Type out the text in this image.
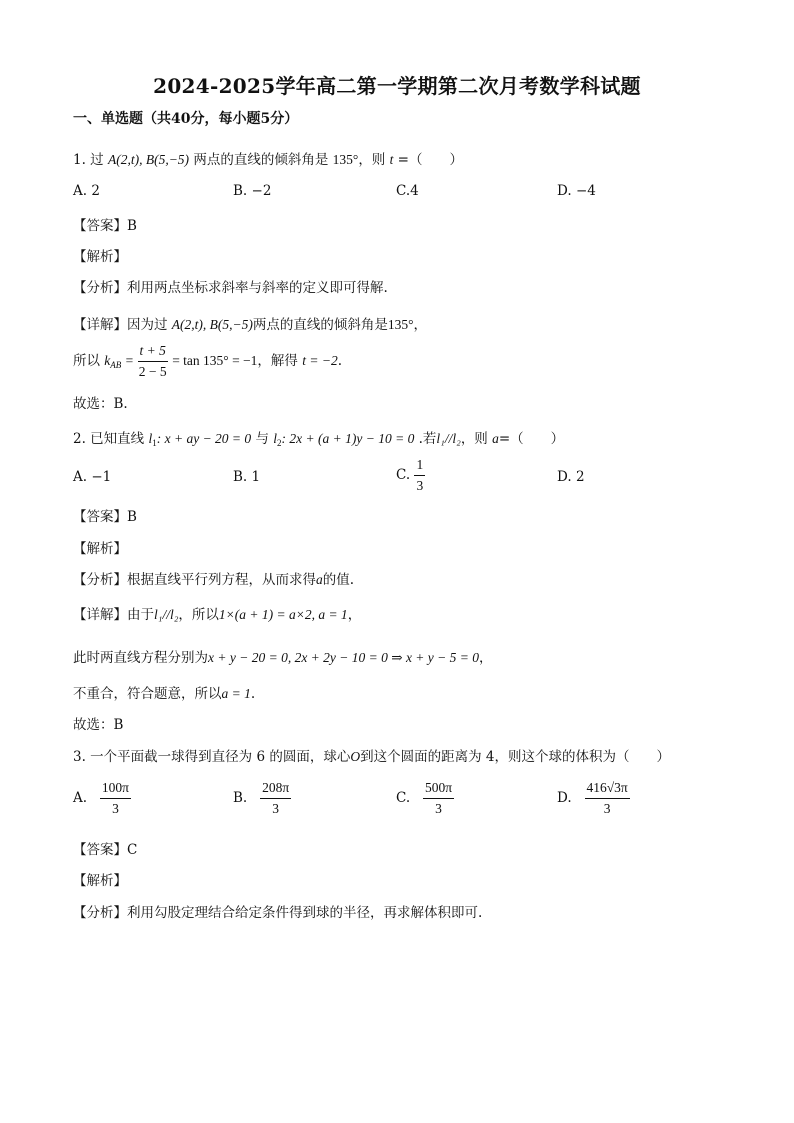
2024-2025学年高二第一学期第二次月考数学科试题
一、单选题（共40分，每小题5分）
1. 过 A(2,t), B(5,−5) 两点的直线的倾斜角是 135°，则 t =（　　）
A. 2	B. −2	C.4	D. −4
【答案】B
【解析】
【分析】利用两点坐标求斜率与斜率的定义即可得解.
【详解】因为过 A(2,t), B(5,−5)两点的直线的倾斜角是135°，
所以 $k_{AB} = \frac{t + 5}{2 - 5} = \tan 135^\circ = -1$，解得 t = −2.
故选：B.
2. 已知直线 $l_1$: x + ay − 20 = 0 与 $l_2$: 2x + (a + 1)y − 10 = 0 .若l₁//l₂，则 a=（　　）
A. −1	B. 1	C. $\frac{1}{3}$	D. 2
【答案】B
【解析】
【分析】根据直线平行列方程，从而求得a的值.
【详解】由于l₁//l₂，所以1×(a + 1) = a×2, a = 1，
此时两直线方程分别为x + y − 20 = 0, 2x + 2y − 10 = 0 ⇒ x + y − 5 = 0，
不重合，符合题意，所以a = 1.
故选：B
3. 一个平面截一球得到直径为 6 的圆面，球心O到这个圆面的距离为 4，则这个球的体积为（　　）
A. $\frac{100\pi}{3}$	B. $\frac{208\pi}{3}$	C. $\frac{500\pi}{3}$	D. $\frac{416√3\pi}{3}$
【答案】C
【解析】
【分析】利用勾股定理结合给定条件得到球的半径，再求解体积即可.
